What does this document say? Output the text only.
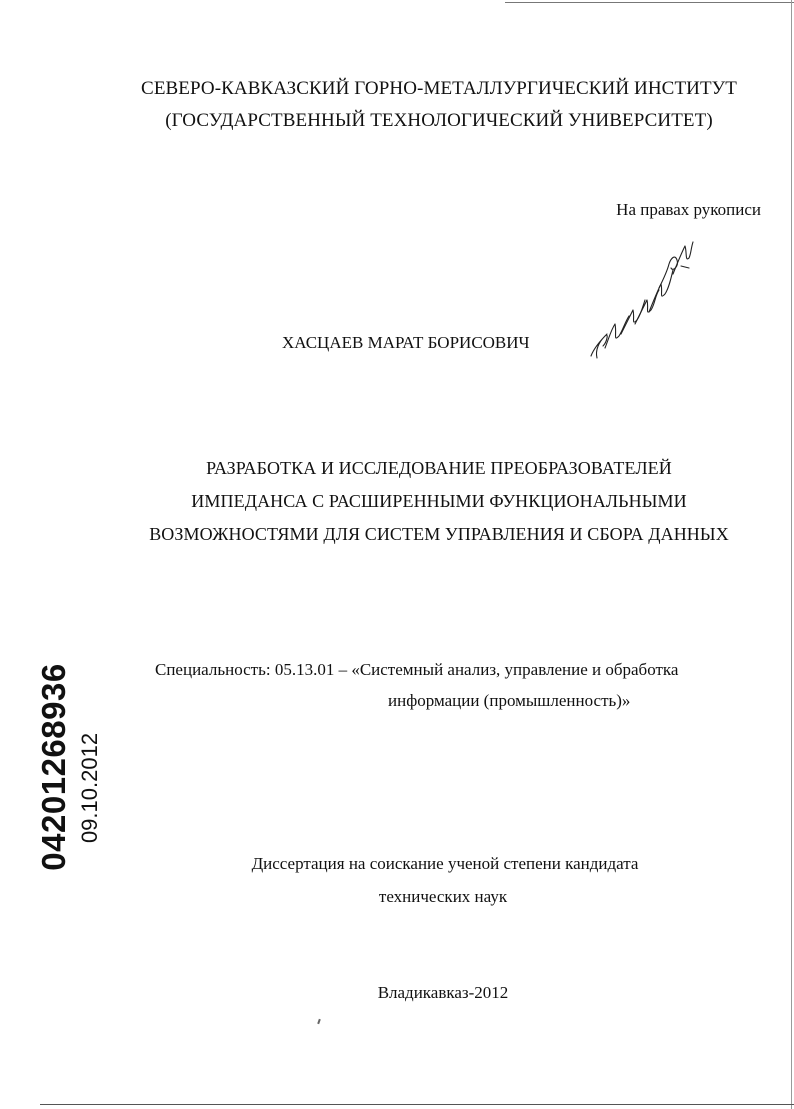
СЕВЕРО-КАВКАЗСКИЙ ГОРНО-МЕТАЛЛУРГИЧЕСКИЙ ИНСТИТУТ
(ГОСУДАРСТВЕННЫЙ ТЕХНОЛОГИЧЕСКИЙ УНИВЕРСИТЕТ)
На правах рукописи
ХАСЦАЕВ МАРАТ БОРИСОВИЧ
РАЗРАБОТКА И ИССЛЕДОВАНИЕ ПРЕОБРАЗОВАТЕЛЕЙ
ИМПЕДАНСА С РАСШИРЕННЫМИ ФУНКЦИОНАЛЬНЫМИ
ВОЗМОЖНОСТЯМИ ДЛЯ СИСТЕМ УПРАВЛЕНИЯ И СБОРА ДАННЫХ
Специальность: 05.13.01 – «Системный анализ, управление и обработка
информации (промышленность)»
04201268936 09.10.2012
Диссертация на соискание ученой степени кандидата
технических наук
Владикавказ-2012
